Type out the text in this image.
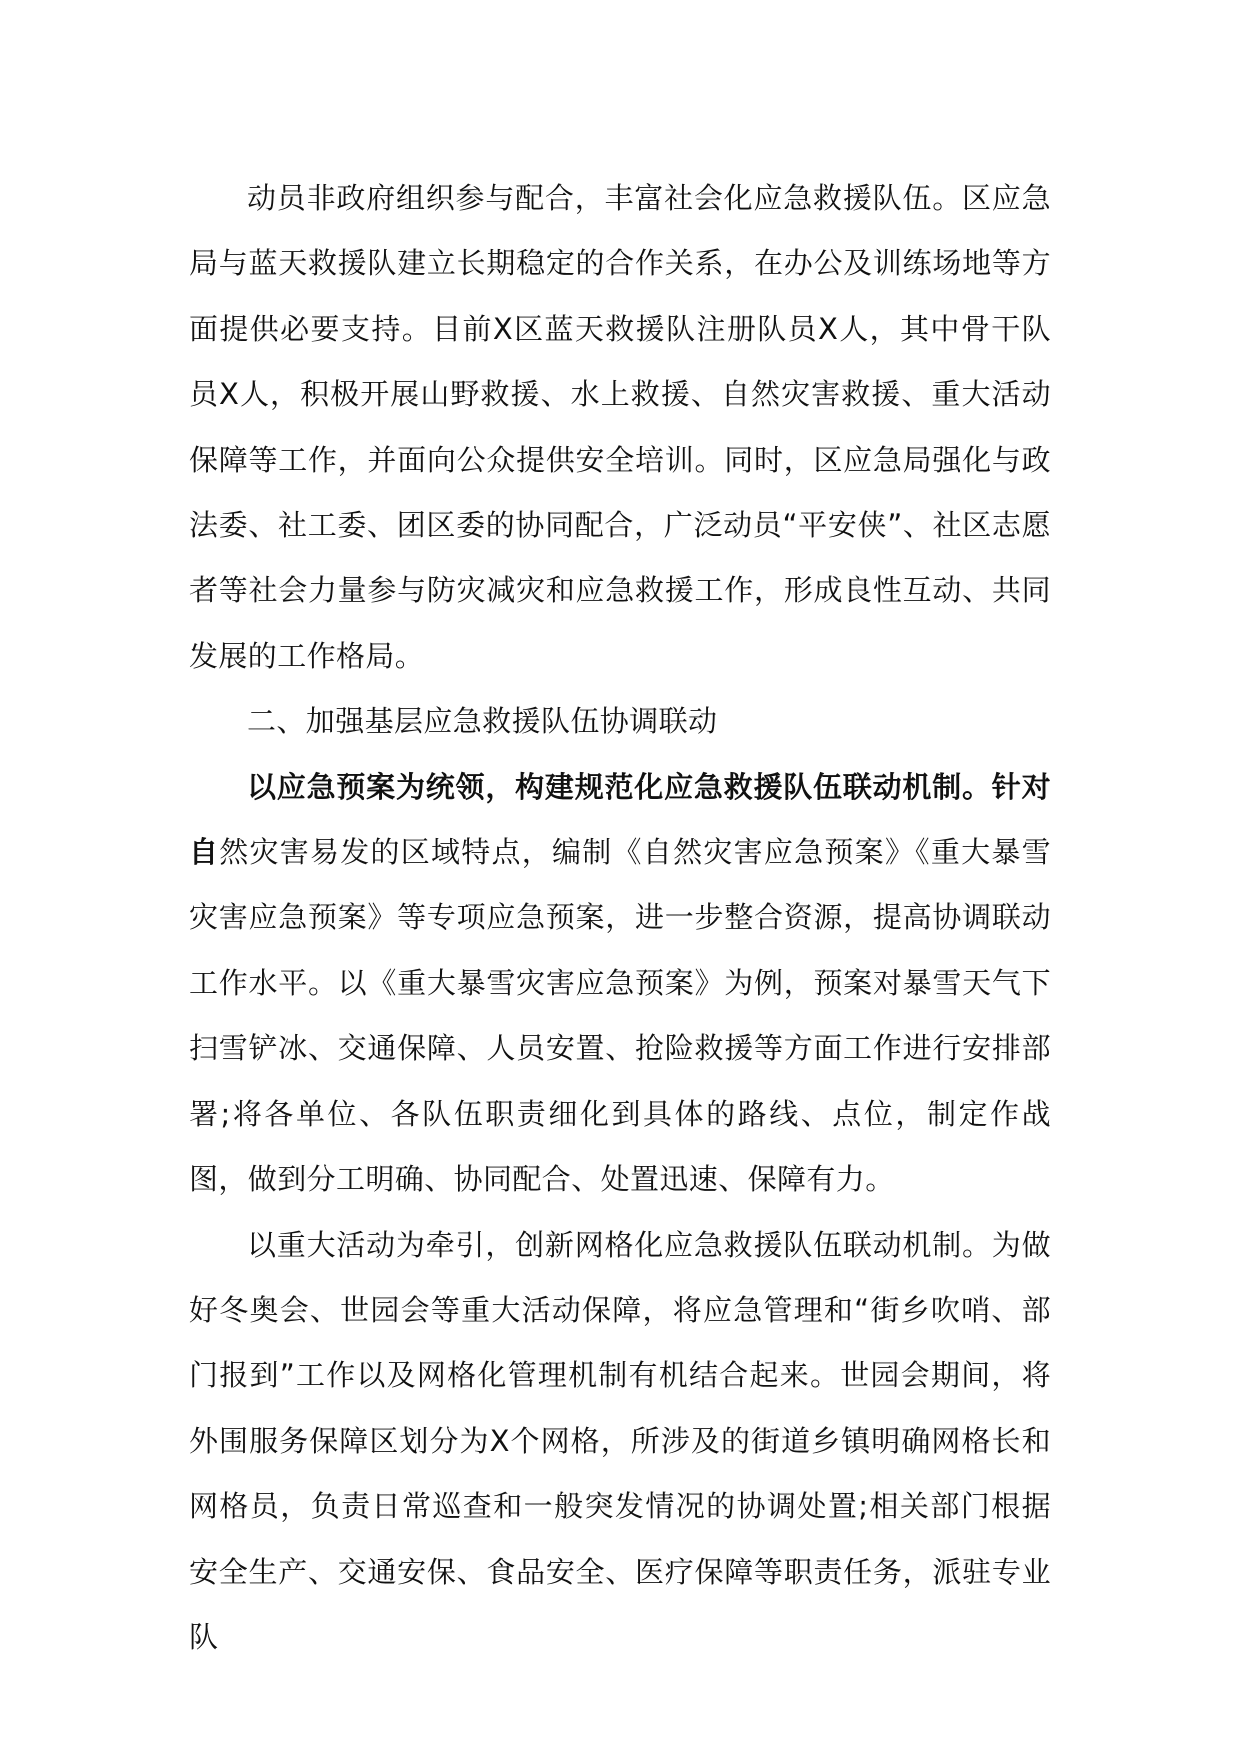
动员非政府组织参与配合，丰富社会化应急救援队伍。区应急局与蓝天救援队建立长期稳定的合作关系，在办公及训练场地等方面提供必要支持。目前X区蓝天救援队注册队员X人，其中骨干队员X人，积极开展山野救援、水上救援、自然灾害救援、重大活动保障等工作，并面向公众提供安全培训。同时，区应急局强化与政法委、社工委、团区委的协同配合，广泛动员“平安侠”、社区志愿者等社会力量参与防灾减灾和应急救援工作，形成良性互动、共同发展的工作格局。

二、加强基层应急救援队伍协调联动

以应急预案为统领，构建规范化应急救援队伍联动机制。针对自然灾害易发的区域特点，编制《自然灾害应急预案》《重大暴雪灾害应急预案》等专项应急预案，进一步整合资源，提高协调联动工作水平。以《重大暴雪灾害应急预案》为例，预案对暴雪天气下扫雪铲冰、交通保障、人员安置、抢险救援等方面工作进行安排部署;将各单位、各队伍职责细化到具体的路线、点位，制定作战图，做到分工明确、协同配合、处置迅速、保障有力。

以重大活动为牵引，创新网格化应急救援队伍联动机制。为做好冬奥会、世园会等重大活动保障，将应急管理和“街乡吹哨、部门报到”工作以及网格化管理机制有机结合起来。世园会期间，将外围服务保障区划分为X个网格，所涉及的街道乡镇明确网格长和网格员，负责日常巡查和一般突发情况的协调处置;相关部门根据安全生产、交通安保、食品安全、医疗保障等职责任务，派驻专业队
